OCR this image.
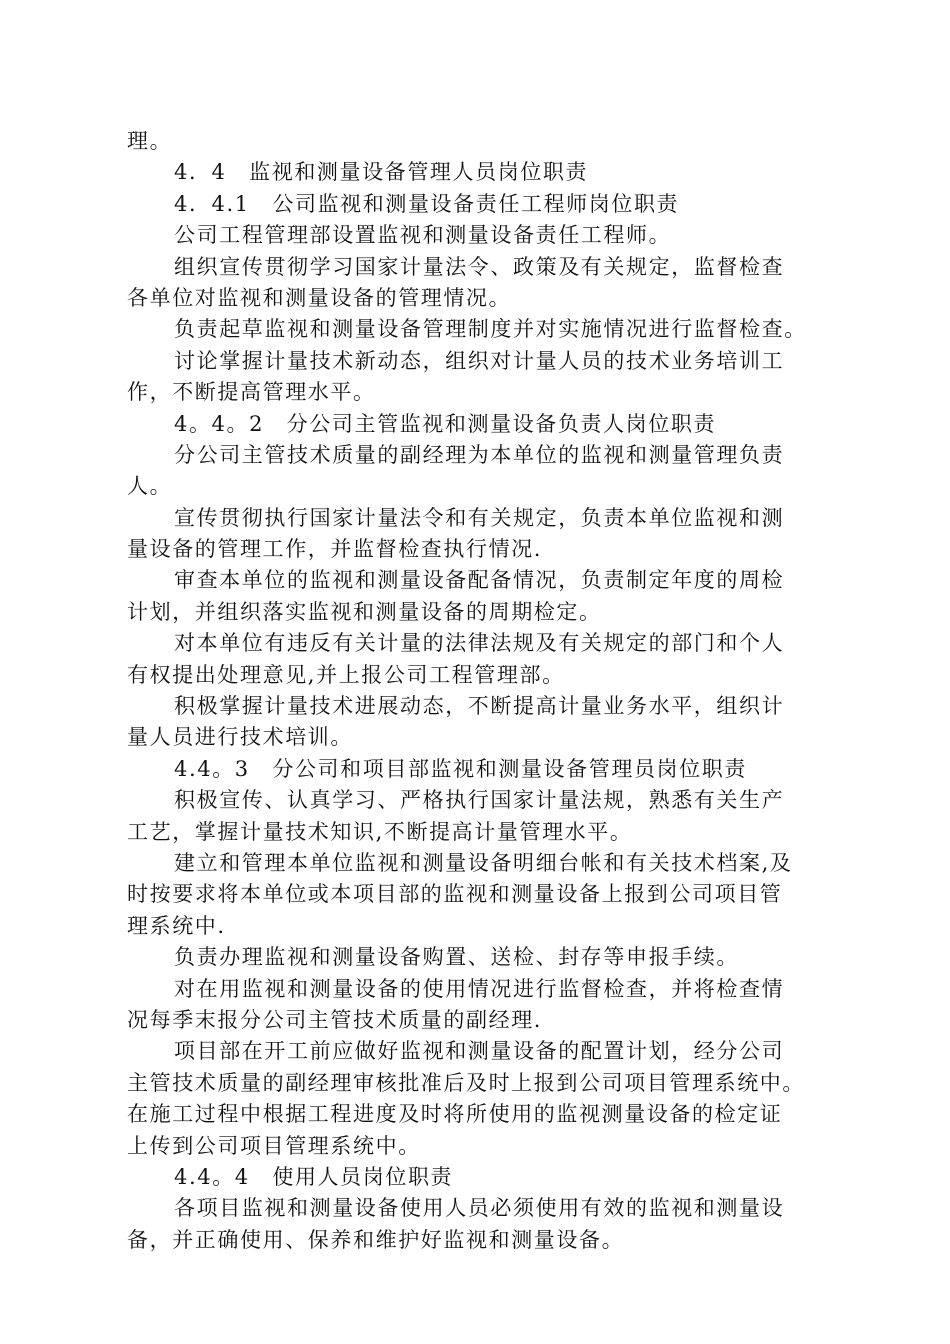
理。
4．4　监视和测量设备管理人员岗位职责
4．4.1　公司监视和测量设备责任工程师岗位职责
公司工程管理部设置监视和测量设备责任工程师。
组织宣传贯彻学习国家计量法令、政策及有关规定，监督检查
各单位对监视和测量设备的管理情况。
负责起草监视和测量设备管理制度并对实施情况进行监督检查。
讨论掌握计量技术新动态，组织对计量人员的技术业务培训工
作，不断提高管理水平。
4。4。2　分公司主管监视和测量设备负责人岗位职责
分公司主管技术质量的副经理为本单位的监视和测量管理负责
人。
宣传贯彻执行国家计量法令和有关规定，负责本单位监视和测
量设备的管理工作，并监督检查执行情况.
审查本单位的监视和测量设备配备情况，负责制定年度的周检
计划，并组织落实监视和测量设备的周期检定。
对本单位有违反有关计量的法律法规及有关规定的部门和个人
有权提出处理意见,并上报公司工程管理部。
积极掌握计量技术进展动态，不断提高计量业务水平，组织计
量人员进行技术培训。
4.4。3　分公司和项目部监视和测量设备管理员岗位职责
积极宣传、认真学习、严格执行国家计量法规，熟悉有关生产
工艺，掌握计量技术知识,不断提高计量管理水平。
建立和管理本单位监视和测量设备明细台帐和有关技术档案,及
时按要求将本单位或本项目部的监视和测量设备上报到公司项目管
理系统中.
负责办理监视和测量设备购置、送检、封存等申报手续。
对在用监视和测量设备的使用情况进行监督检查，并将检查情
况每季末报分公司主管技术质量的副经理.
项目部在开工前应做好监视和测量设备的配置计划，经分公司
主管技术质量的副经理审核批准后及时上报到公司项目管理系统中。
在施工过程中根据工程进度及时将所使用的监视测量设备的检定证
上传到公司项目管理系统中。
4.4。4　使用人员岗位职责
各项目监视和测量设备使用人员必须使用有效的监视和测量设
备，并正确使用、保养和维护好监视和测量设备。
